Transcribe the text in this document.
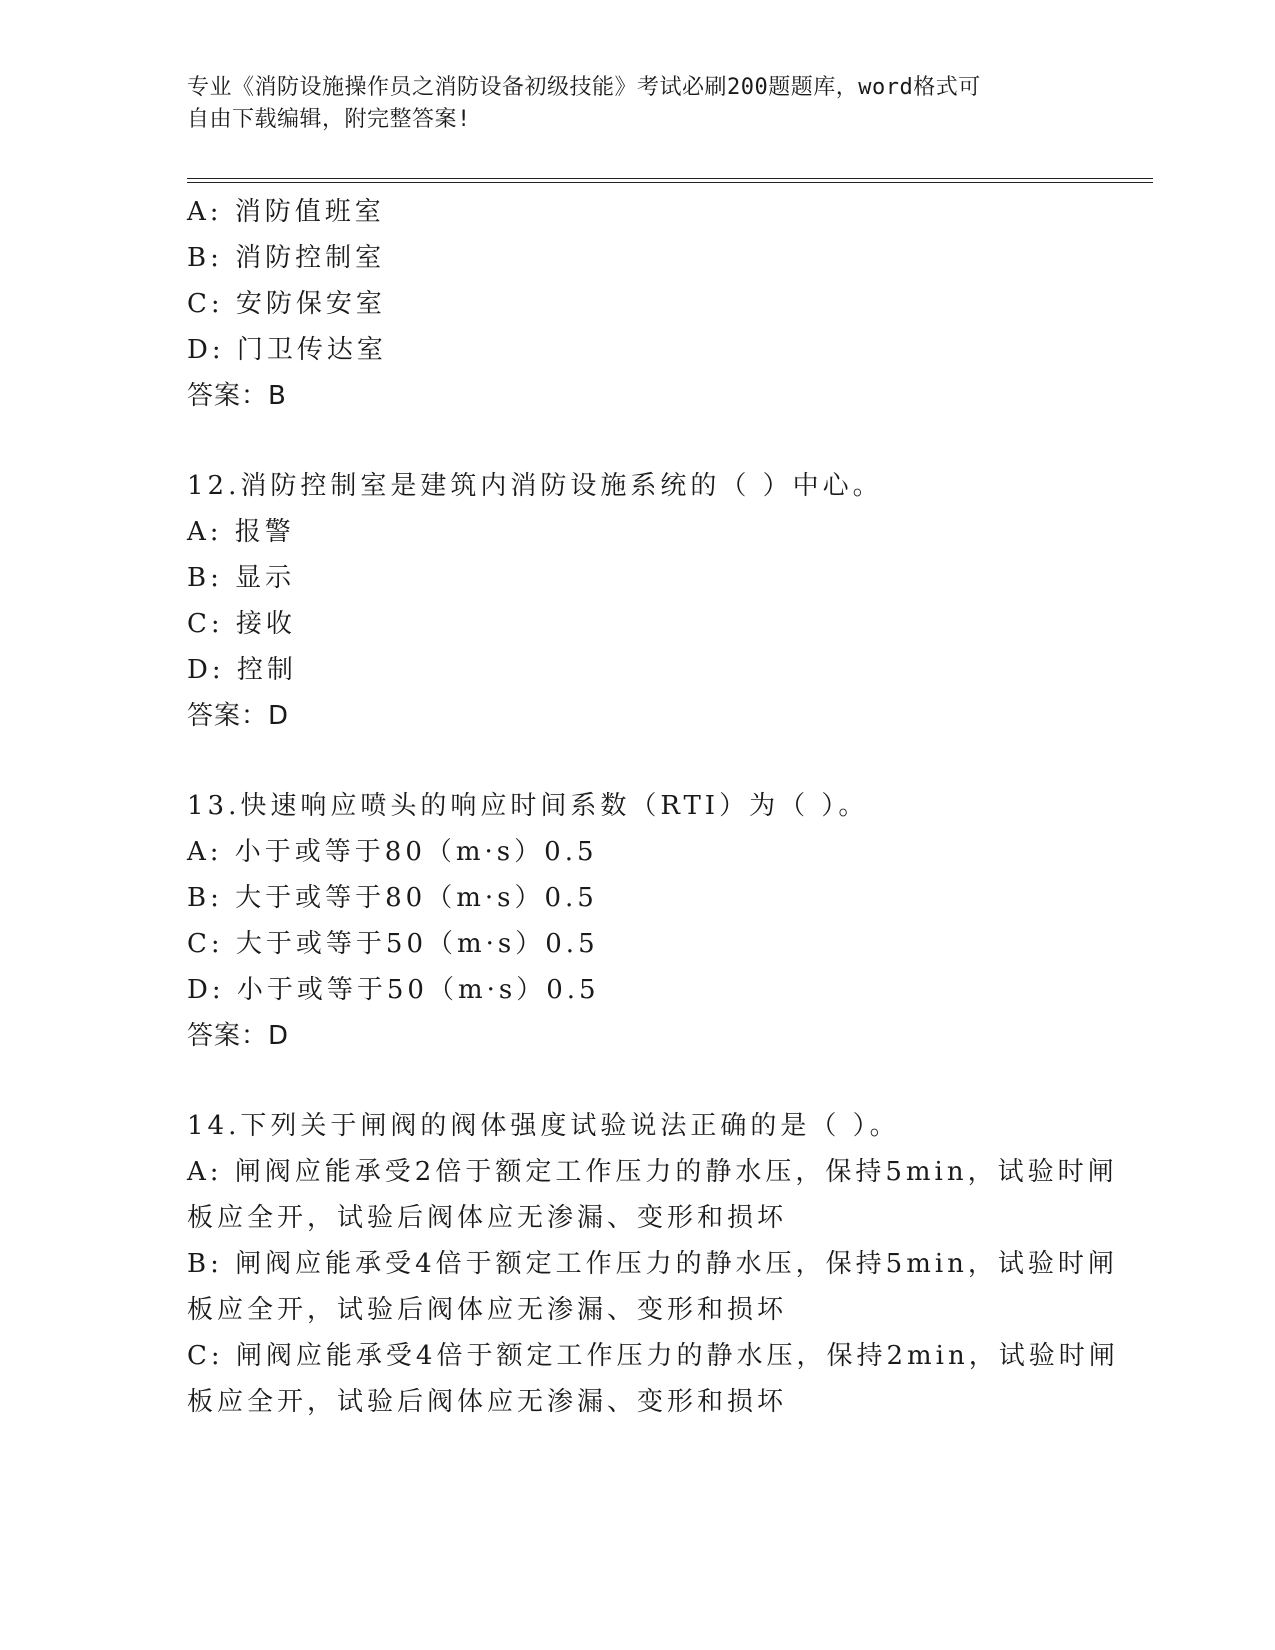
专业《消防设施操作员之消防设备初级技能》考试必刷200题题库，word格式可
自由下载编辑，附完整答案!
A: 消防值班室
B: 消防控制室
C: 安防保安室
D: 门卫传达室
答案：B
12.消防控制室是建筑内消防设施系统的（ ）中心。
A: 报警
B: 显示
C: 接收
D: 控制
答案：D
13.快速响应喷头的响应时间系数（RTI）为（ ）。
A: 小于或等于80（m·s）0.5
B: 大于或等于80（m·s）0.5
C: 大于或等于50（m·s）0.5
D: 小于或等于50（m·s）0.5
答案：D
14.下列关于闸阀的阀体强度试验说法正确的是（ ）。
A: 闸阀应能承受2倍于额定工作压力的静水压，保持5min，试验时闸
板应全开，试验后阀体应无渗漏、变形和损坏
B: 闸阀应能承受4倍于额定工作压力的静水压，保持5min，试验时闸
板应全开，试验后阀体应无渗漏、变形和损坏
C: 闸阀应能承受4倍于额定工作压力的静水压，保持2min，试验时闸
板应全开，试验后阀体应无渗漏、变形和损坏
